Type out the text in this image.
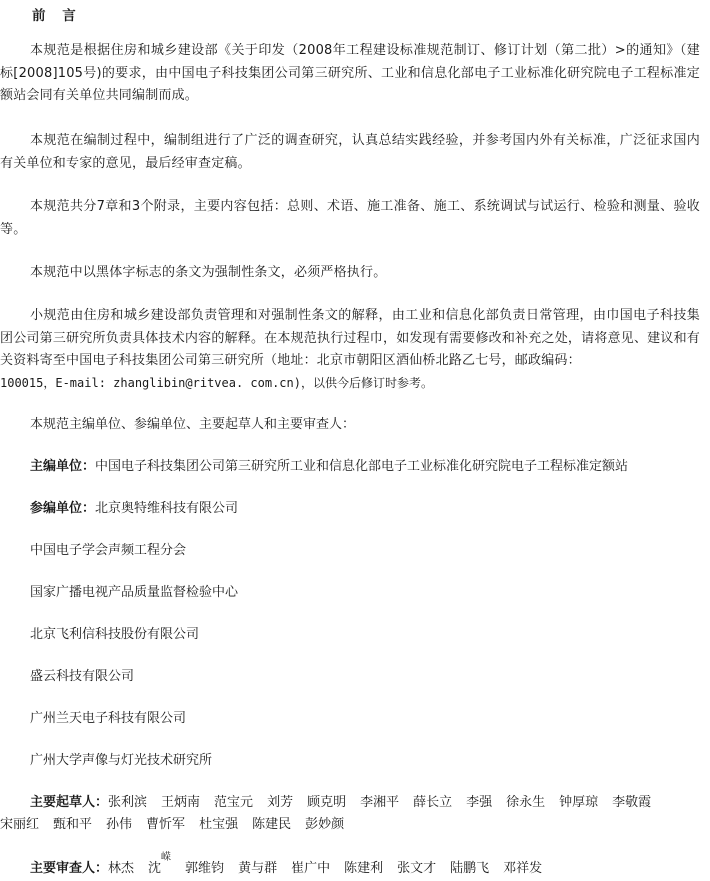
前 言
本规范是根据住房和城乡建设部《关于印发（2008年工程建设标准规范制订、修订计划（第二批）>的通知》（建标[2008]105号)的要求，由中国电子科技集团公司第三研究所、工业和信息化部电子工业标准化研究院电子工程标准定额站会同有关单位共同编制而成。
本规范在编制过程中，编制组进行了广泛的调查研究，认真总结实践经验，并参考国内外有关标准，广泛征求国内有关单位和专家的意见，最后经审查定稿。
本规范共分7章和3个附录，主要内容包括：总则、术语、施工准备、施工、系统调试与试运行、检验和测量、验收等。
本规范中以黑体字标志的条文为强制性条文，必须严格执行。
小规范由住房和城乡建设部负责管理和对强制性条文的解释，由工业和信息化部负责日常管理，由巾国电子科技集团公司第三研究所负责具体技术内容的解释。在本规范执行过程巾，如发现有需要修改和补充之处，请将意见、建议和有关资料寄至中国电子科技集团公司第三研究所（地址：北京市朝阳区酒仙桥北路乙七号，邮政编码：
100015，E-mail: zhanglibin@ritvea. com.cn)，以供今后修订时参考。
本规范主编单位、参编单位、主要起草人和主要审查人：
主编单位：中国电子科技集团公司第三研究所工业和信息化部电子工业标准化研究院电子工程标准定额站
参编单位：北京奥特维科技有限公司
中国电子学会声频工程分会
国家广播电视产品质量监督检验中心
北京飞利信科技股份有限公司
盛云科技有限公司
广州兰天电子科技有限公司
广州大学声像与灯光技术研究所
主要起草人：张利滨 王炳南 范宝元 刘芳 顾克明 李湘平 薛长立 李强 徐永生 钟厚琼 李敬霞
宋丽红 甄和平 孙伟 曹忻军 杜宝强 陈建民 彭妙颜
主要审查人：林杰 沈$^嵘$郭维钧 黄与群 崔广中 陈建利 张文才 陆鹏飞 邓祥发
